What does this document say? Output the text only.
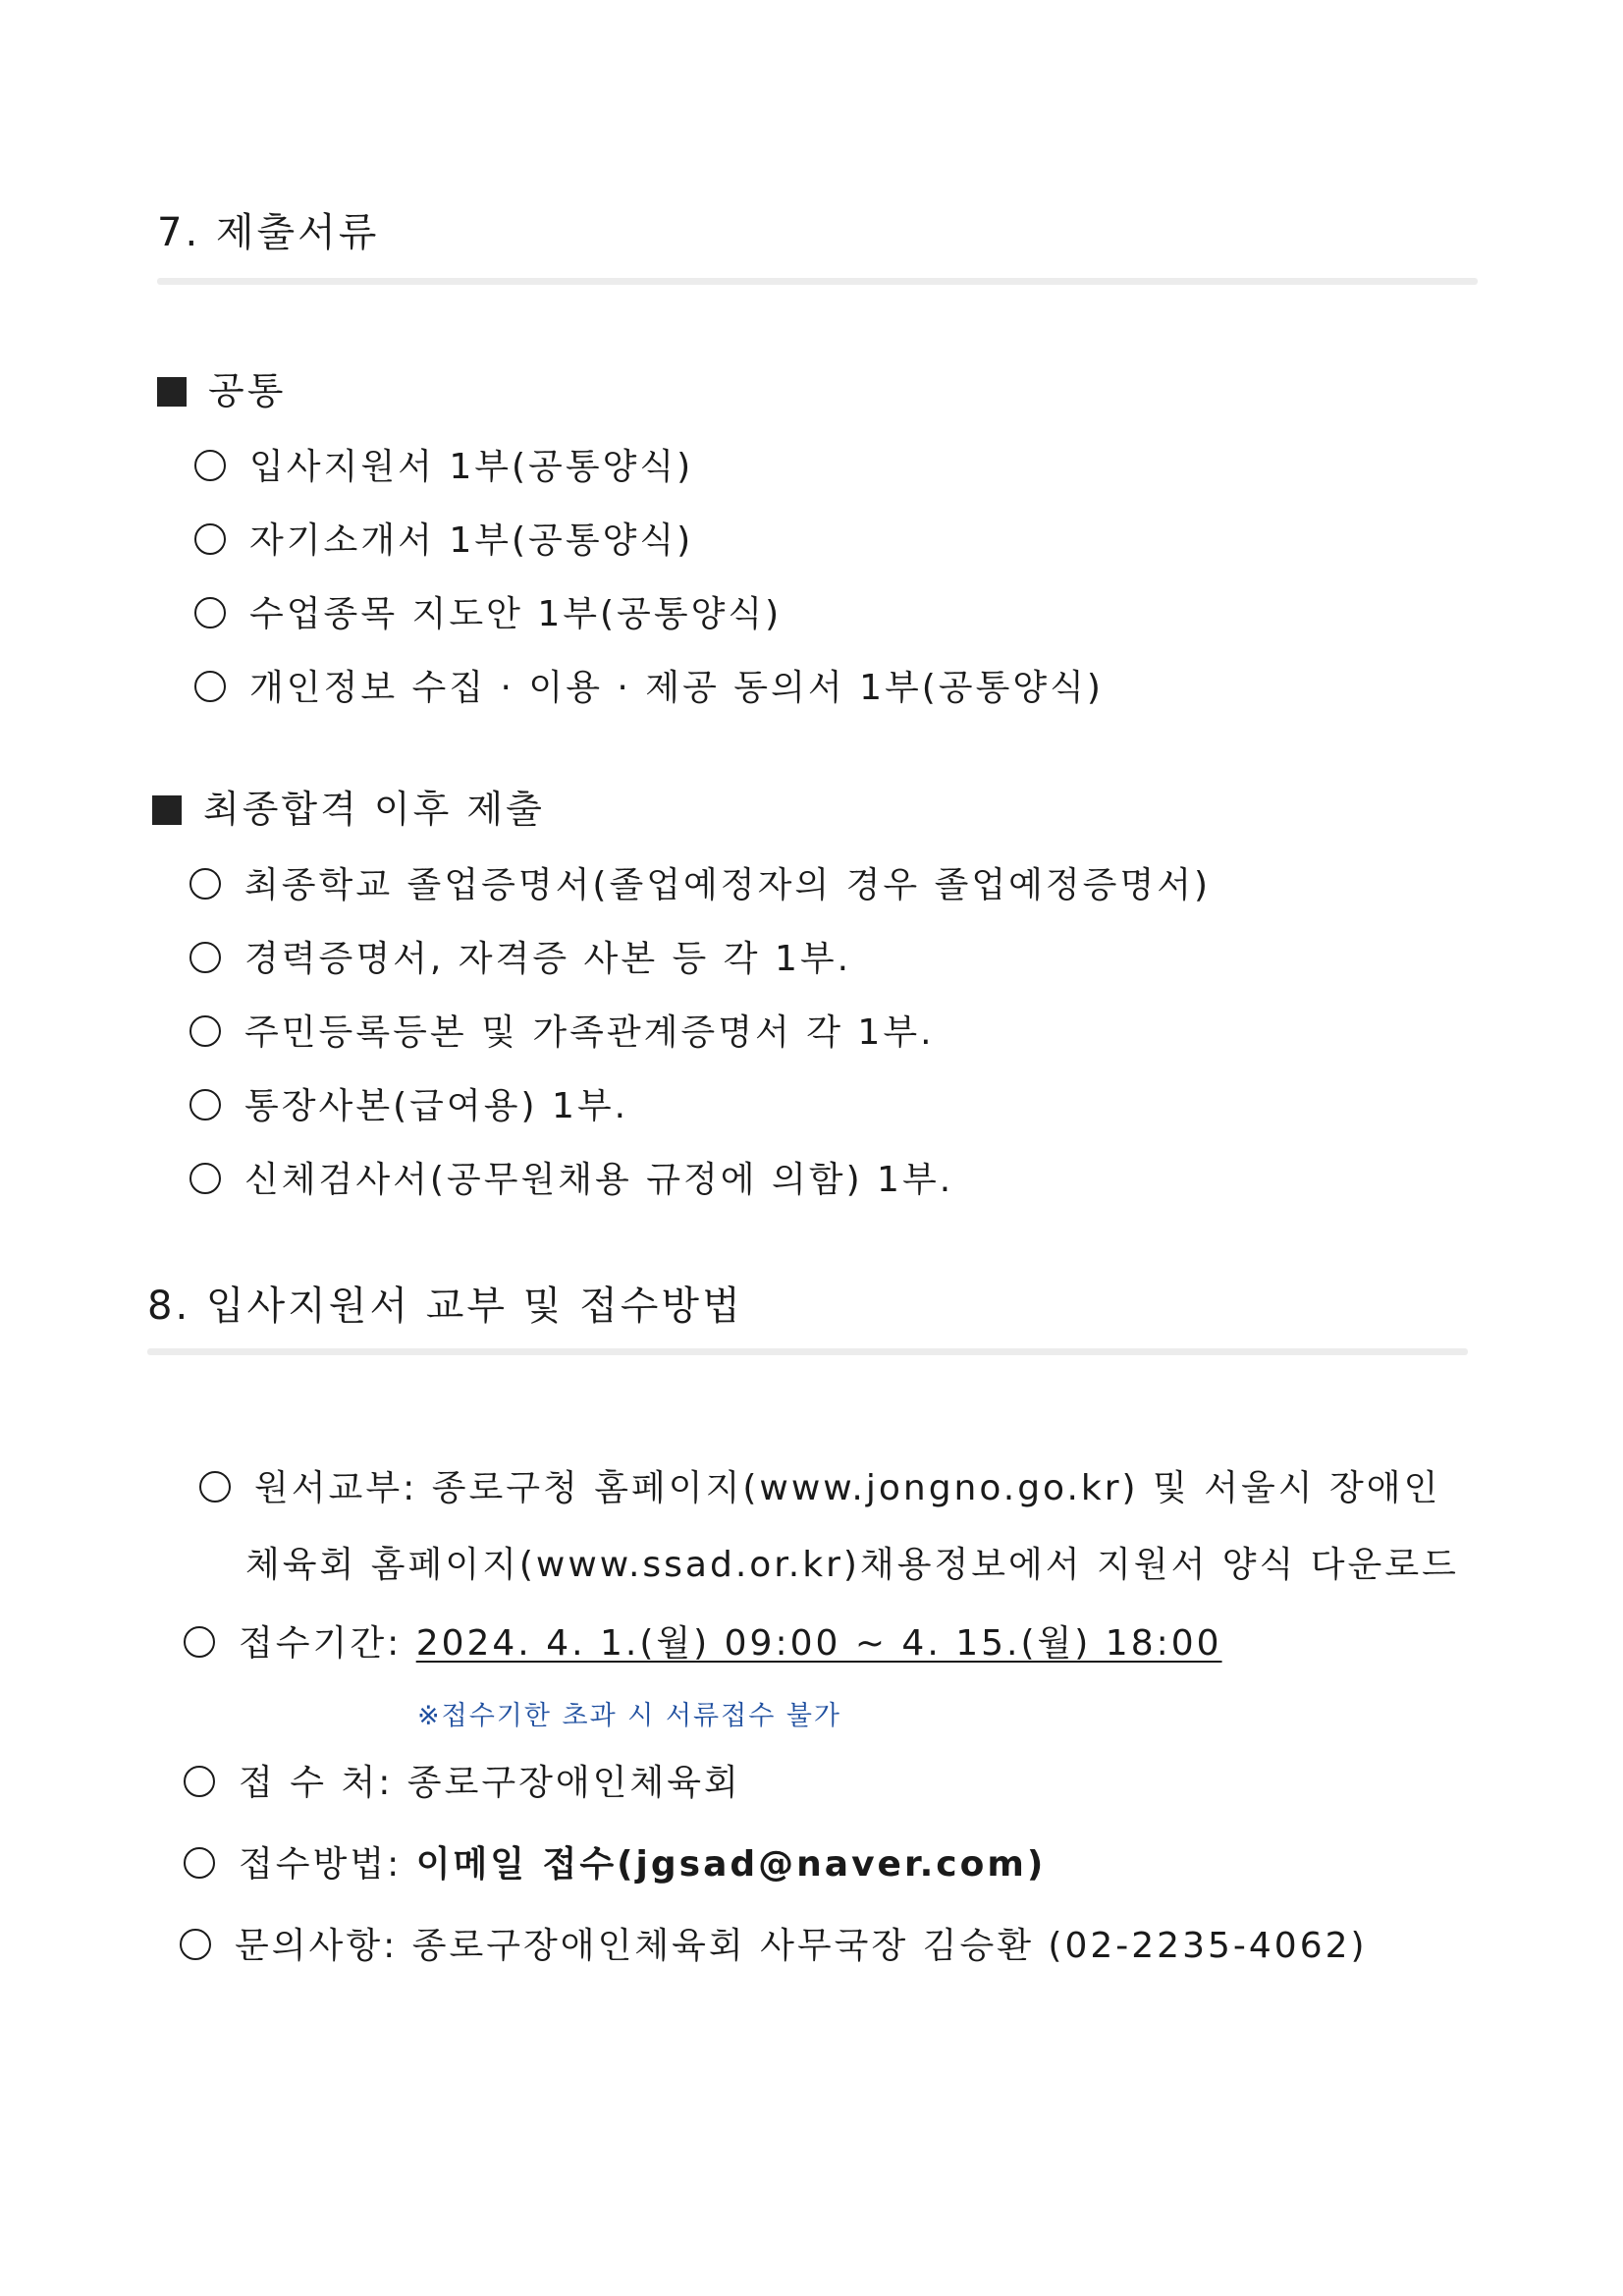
7. 제출서류
공통
입사지원서 1부(공통양식)
자기소개서 1부(공통양식)
수업종목 지도안 1부(공통양식)
개인정보 수집 · 이용 · 제공 동의서 1부(공통양식)
최종합격 이후 제출
최종학교 졸업증명서(졸업예정자의 경우 졸업예정증명서)
경력증명서, 자격증 사본 등 각 1부.
주민등록등본 및 가족관계증명서 각 1부.
통장사본(급여용) 1부.
신체검사서(공무원채용 규정에 의함) 1부.
8. 입사지원서 교부 및 접수방법
원서교부: 종로구청 홈페이지(www.jongno.go.kr) 및 서울시 장애인
체육회 홈페이지(www.ssad.or.kr)채용정보에서 지원서 양식 다운로드
접수기간: 2024. 4. 1.(월) 09:00 ~ 4. 15.(월) 18:00
※접수기한 초과 시 서류접수 불가
접 수 처: 종로구장애인체육회
접수방법: 이메일 접수(jgsad@naver.com)
문의사항: 종로구장애인체육회 사무국장 김승환 (02-2235-4062)
